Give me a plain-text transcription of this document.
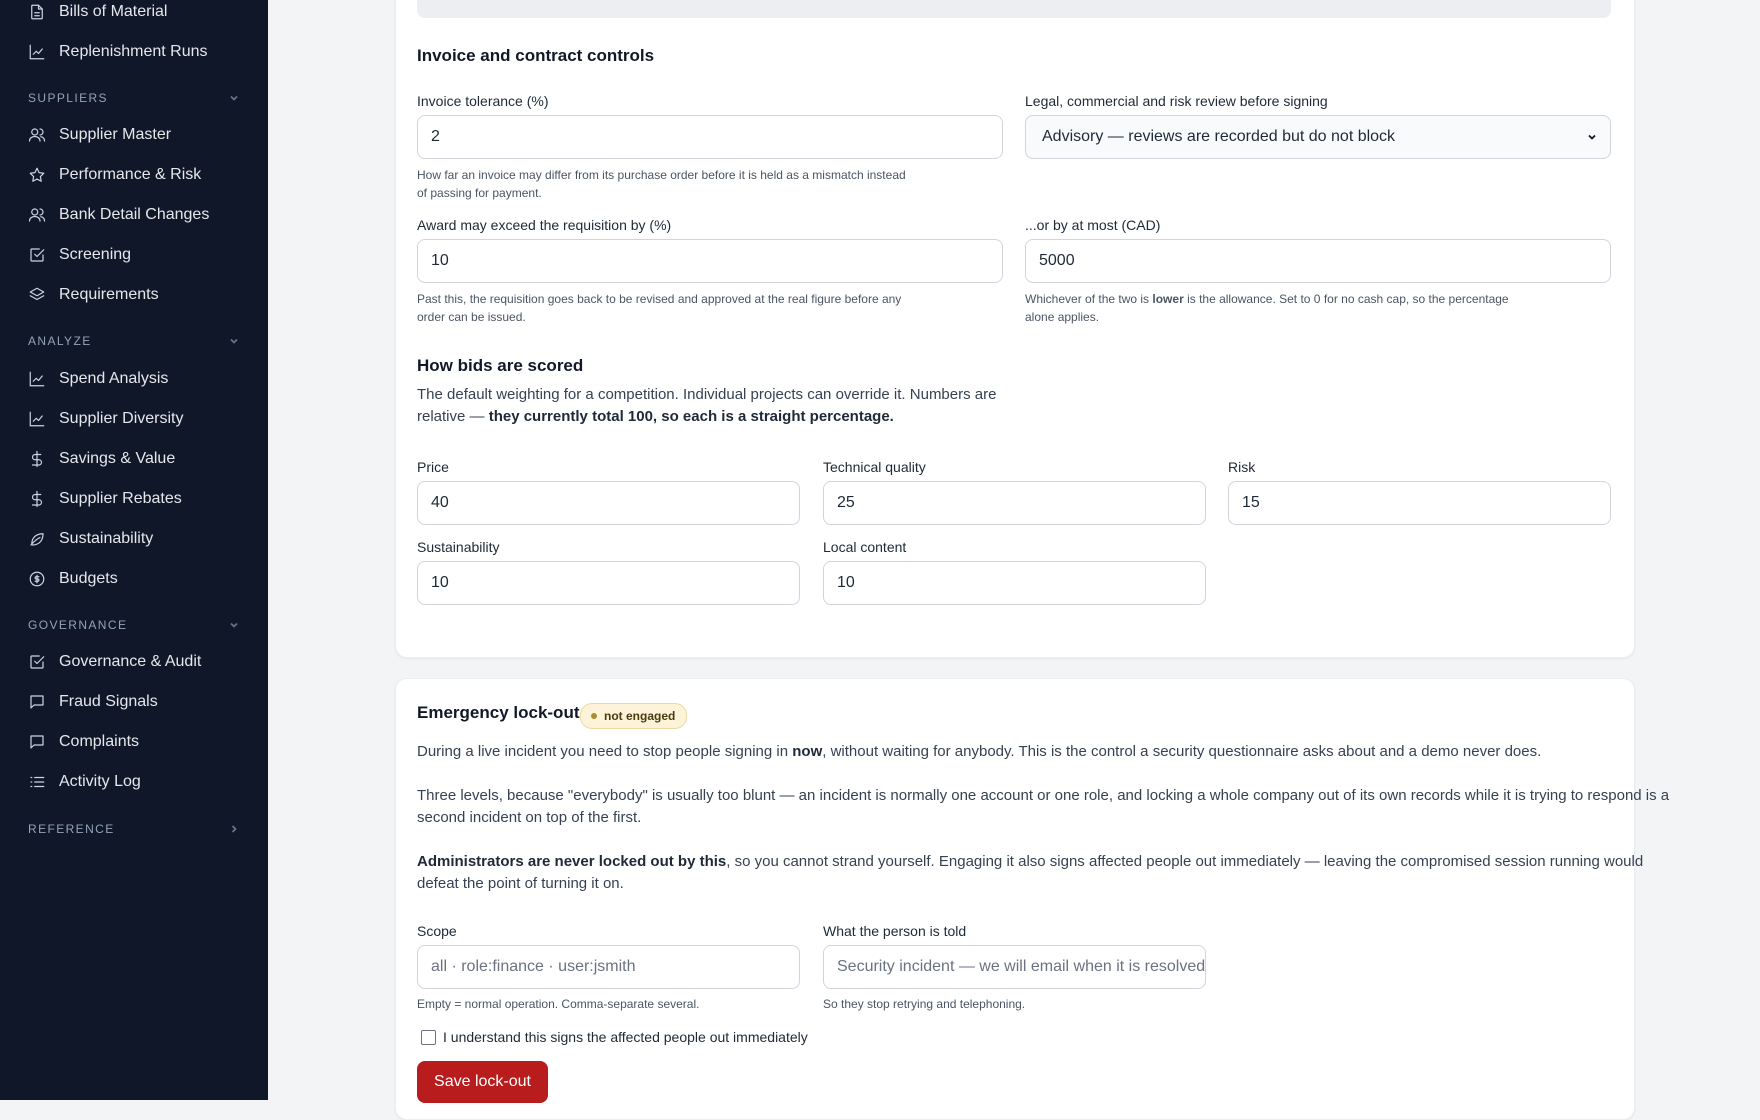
Bills of Material
Replenishment Runs
SUPPLIERS
Supplier Master
Performance & Risk
Bank Detail Changes
Screening
Requirements
ANALYZE
Spend Analysis
Supplier Diversity
Savings & Value
Supplier Rebates
Sustainability
Budgets
GOVERNANCE
Governance & Audit
Fraud Signals
Complaints
Activity Log
REFERENCE
Invoice and contract controls
Invoice tolerance (%)
2
How far an invoice may differ from its purchase order before it is held as a mismatch instead
of passing for payment.
Legal, commercial and risk review before signing
Advisory — reviews are recorded but do not block
Award may exceed the requisition by (%)
10
Past this, the requisition goes back to be revised and approved at the real figure before any
order can be issued.
...or by at most (CAD)
5000
Whichever of the two is lower is the allowance. Set to 0 for no cash cap, so the percentage
alone applies.
How bids are scored
The default weighting for a competition. Individual projects can override it. Numbers are
relative — they currently total 100, so each is a straight percentage.
Price
40
Technical quality
25
Risk
15
Sustainability
10
Local content
10
Emergency lock-out not engaged
During a live incident you need to stop people signing in now, without waiting for anybody. This is the control a security questionnaire asks about and a demo never does.
Three levels, because "everybody" is usually too blunt — an incident is normally one account or one role, and locking a whole company out of its own records while it is trying to respond is a
second incident on top of the first.
Administrators are never locked out by this, so you cannot strand yourself. Engaging it also signs affected people out immediately — leaving the compromised session running would
defeat the point of turning it on.
Scope
all · role:finance · user:jsmith
Empty = normal operation. Comma-separate several.
What the person is told
Security incident — we will email when it is resolved
So they stop retrying and telephoning.
I understand this signs the affected people out immediately
Save lock-out
